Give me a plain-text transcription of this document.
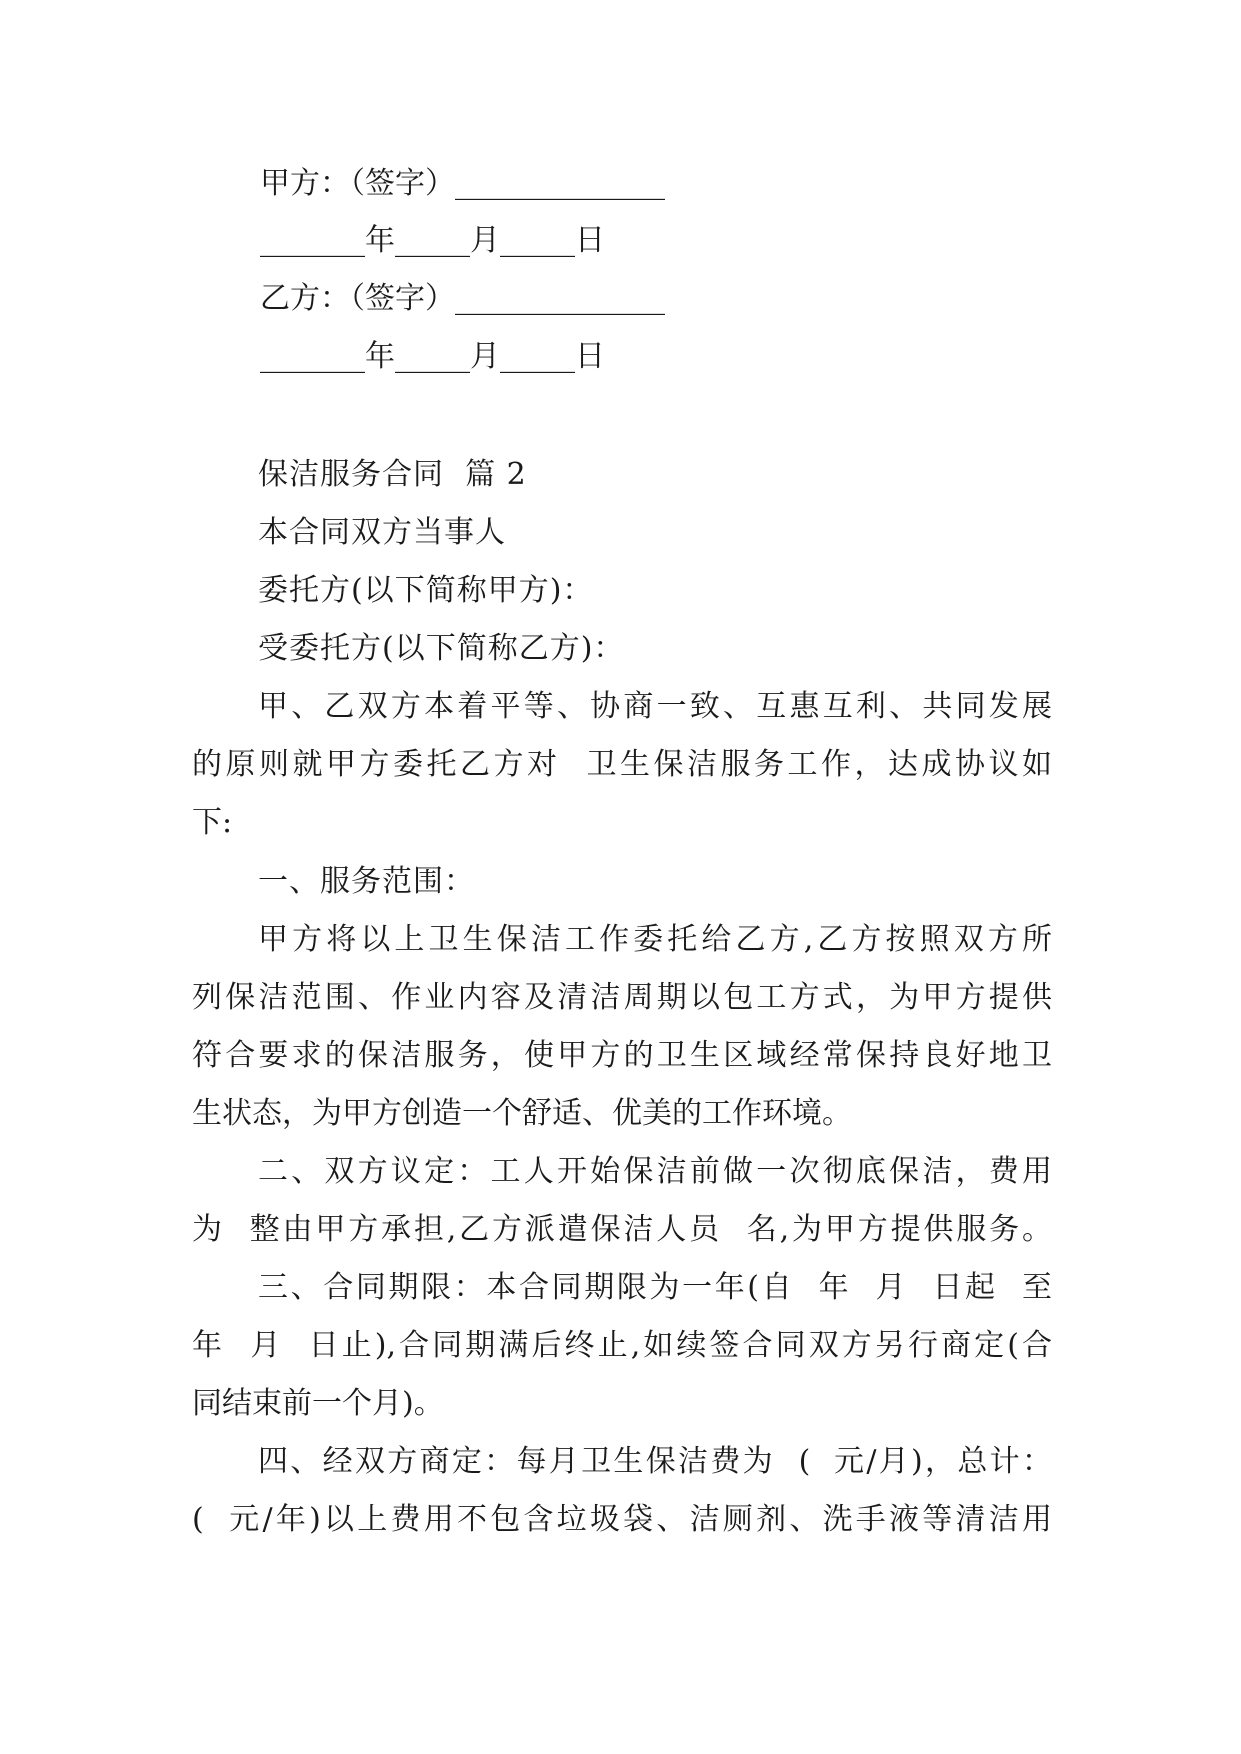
甲方：（签字）______________
_______年_____月_____日
乙方：（签字）______________
_______年_____月_____日
保洁服务合同  篇 2
本合同双方当事人
委托方(以下简称甲方)：
受委托方(以下简称乙方)：
甲、乙双方本着平等、协商一致、互惠互利、共同发展
的原则就甲方委托乙方对  卫生保洁服务工作，达成协议如
下:
一、服务范围：
甲方将以上卫生保洁工作委托给乙方,乙方按照双方所
列保洁范围、作业内容及清洁周期以包工方式，为甲方提供
符合要求的保洁服务，使甲方的卫生区域经常保持良好地卫
生状态，为甲方创造一个舒适、优美的工作环境。
二、双方议定：工人开始保洁前做一次彻底保洁，费用
为  整由甲方承担,乙方派遣保洁人员  名,为甲方提供服务。
三、合同期限：本合同期限为一年(自  年  月  日起  至
年  月  日止),合同期满后终止,如续签合同双方另行商定(合
同结束前一个月)。
四、经双方商定：每月卫生保洁费为  (  元/月)，总计：
(  元/年)以上费用不包含垃圾袋、洁厕剂、洗手液等清洁用
